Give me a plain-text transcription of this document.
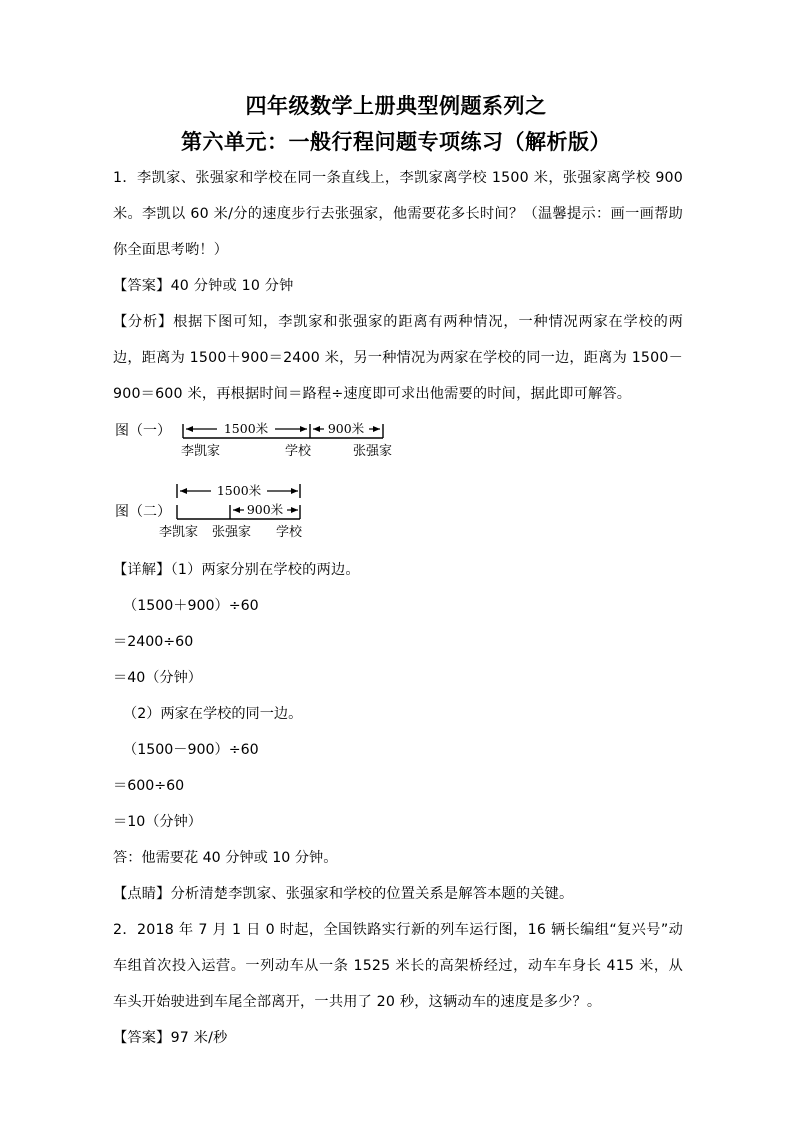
四年级数学上册典型例题系列之
第六单元：一般行程问题专项练习（解析版）
1．李凯家、张强家和学校在同一条直线上，李凯家离学校 1500 米，张强家离学校 900 米。李凯以 60 米/分的速度步行去张强家，他需要花多长时间？（温馨提示：画一画帮助你全面思考哟！）
【答案】40 分钟或 10 分钟
【分析】根据下图可知，李凯家和张强家的距离有两种情况，一种情况两家在学校的两边，距离为 1500＋900＝2400 米，另一种情况为两家在学校的同一边，距离为 1500－900＝600 米，再根据时间＝路程÷速度即可求出他需要的时间，据此即可解答。
图（一）	1500米	900米
李凯家	学校	张强家
图（二）
1500米
900米
李凯家 张强家 学校
【详解】（1）两家分别在学校的两边。
（1500＋900）÷60
＝2400÷60
＝40（分钟）
（2）两家在学校的同一边。
（1500－900）÷60
＝600÷60
＝10（分钟）
答：他需要花 40 分钟或 10 分钟。
【点睛】分析清楚李凯家、张强家和学校的位置关系是解答本题的关键。
2．2018 年 7 月 1 日 0 时起，全国铁路实行新的列车运行图，16 辆长编组“复兴号”动车组首次投入运营。一列动车从一条 1525 米长的高架桥经过，动车车身长 415 米，从车头开始驶进到车尾全部离开，一共用了 20 秒，这辆动车的速度是多少？。
【答案】97 米/秒
